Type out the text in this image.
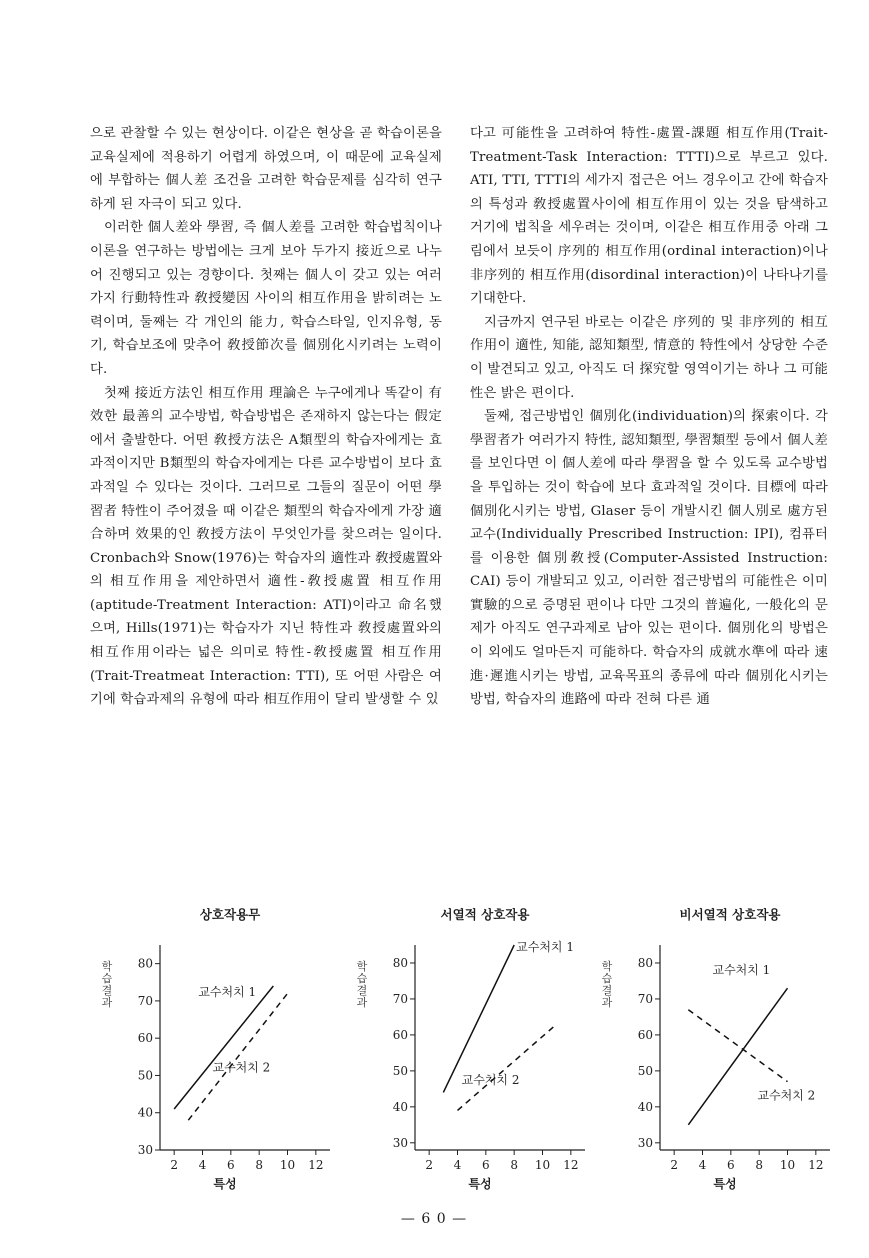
으로 관찰할 수 있는 현상이다. 이같은 현상을 곧 학습이론을 교육실제에 적용하기 어렵게 하였으며, 이 때문에 교육실제에 부합하는 個人差 조건을 고려한 학습문제를 심각히 연구하게 된 자극이 되고 있다.

이러한 個人差와 學習, 즉 個人差를 고려한 학습법칙이나 이론을 연구하는 방법에는 크게 보아 두가지 接近으로 나누어 진행되고 있는 경향이다. 첫째는 個人이 갖고 있는 여러가지 行動特性과 敎授變因 사이의 相互作用을 밝히려는 노력이며, 둘째는 각 개인의 能力, 학습스타일, 인지유형, 동기, 학습보조에 맞추어 敎授節次를 個別化시키려는 노력이다.

첫째 接近方法인 相互作用 理論은 누구에게나 똑같이 有效한 最善의 교수방법, 학습방법은 존재하지 않는다는 假定에서 출발한다. 어떤 敎授方法은 A類型의 학습자에게는 효과적이지만 B類型의 학습자에게는 다른 교수방법이 보다 효과적일 수 있다는 것이다. 그러므로 그들의 질문이 어떤 學習者 特性이 주어졌을 때 이같은 類型의 학습자에게 가장 適合하며 效果的인 敎授方法이 무엇인가를 찾으려는 일이다. Cronbach와 Snow(1976)는 학습자의 適性과 敎授處置와의 相互作用을 제안하면서 適性-敎授處置 相互作用(aptitude-Treatment Interaction: ATI)이라고 命名했으며, Hills(1971)는 학습자가 지닌 特性과 敎授處置와의 相互作用이라는 넓은 의미로 特性-敎授處置 相互作用(Trait-Treatmeat Interaction: TTI), 또 어떤 사람은 여기에 학습과제의 유형에 따라 相互作用이 달리 발생할 수 있

다고 可能性을 고려하여 特性-處置-課題 相互作用(Trait-Treatment-Task Interaction: TTTI)으로 부르고 있다. ATI, TTI, TTTI의 세가지 접근은 어느 경우이고 간에 학습자의 특성과 敎授處置사이에 相互作用이 있는 것을 탐색하고 거기에 법칙을 세우려는 것이며, 이같은 相互作用중 아래 그림에서 보듯이 序列的 相互作用(ordinal interaction)이나 非序列的 相互作用(disordinal interaction)이 나타나기를 기대한다.

지금까지 연구된 바로는 이같은 序列的 및 非序列的 相互作用이 適性, 知能, 認知類型, 情意的 特性에서 상당한 수준이 발견되고 있고, 아직도 더 探究할 영역이기는 하나 그 可能性은 밝은 편이다.

둘째, 접근방법인 個別化(individuation)의 探索이다. 각 學習者가 여러가지 特性, 認知類型, 學習類型 등에서 個人差를 보인다면 이 個人差에 따라 學習을 할 수 있도록 교수방법을 투입하는 것이 학습에 보다 효과적일 것이다. 目標에 따라 個別化시키는 방법, Glaser 등이 개발시킨 個人別로 處方된 교수(Individually Prescribed Instruction: IPI), 컴퓨터를 이용한 個別敎授(Computer-Assisted Instruction: CAI) 등이 개발되고 있고, 이러한 접근방법의 可能性은 이미 實驗的으로 증명된 편이나 다만 그것의 普遍化, 一般化의 문제가 아직도 연구과제로 남아 있는 편이다. 個別化의 방법은 이 외에도 얼마든지 可能하다. 학습자의 成就水準에 따라 速進·遲進시키는 방법, 교육목표의 종류에 따라 個別化시키는 방법, 학습자의 進路에 따라 전혀 다른 通

상호작용무
학습결과
30
40
50
60
70
80
2 4 6 8 10 12
교수처치 1
교수처치 2
특성
서열적 상호작용
학습결과
30
40
50
60
70
80
2 4 6 8 10 12
교수처치 1
교수처치 2
특성
비서열적 상호작용
학습결과
30
40
50
60
70
80
2 4 6 8 10 12
교수처치 1
교수처치 2
특성
— 6 0 —
